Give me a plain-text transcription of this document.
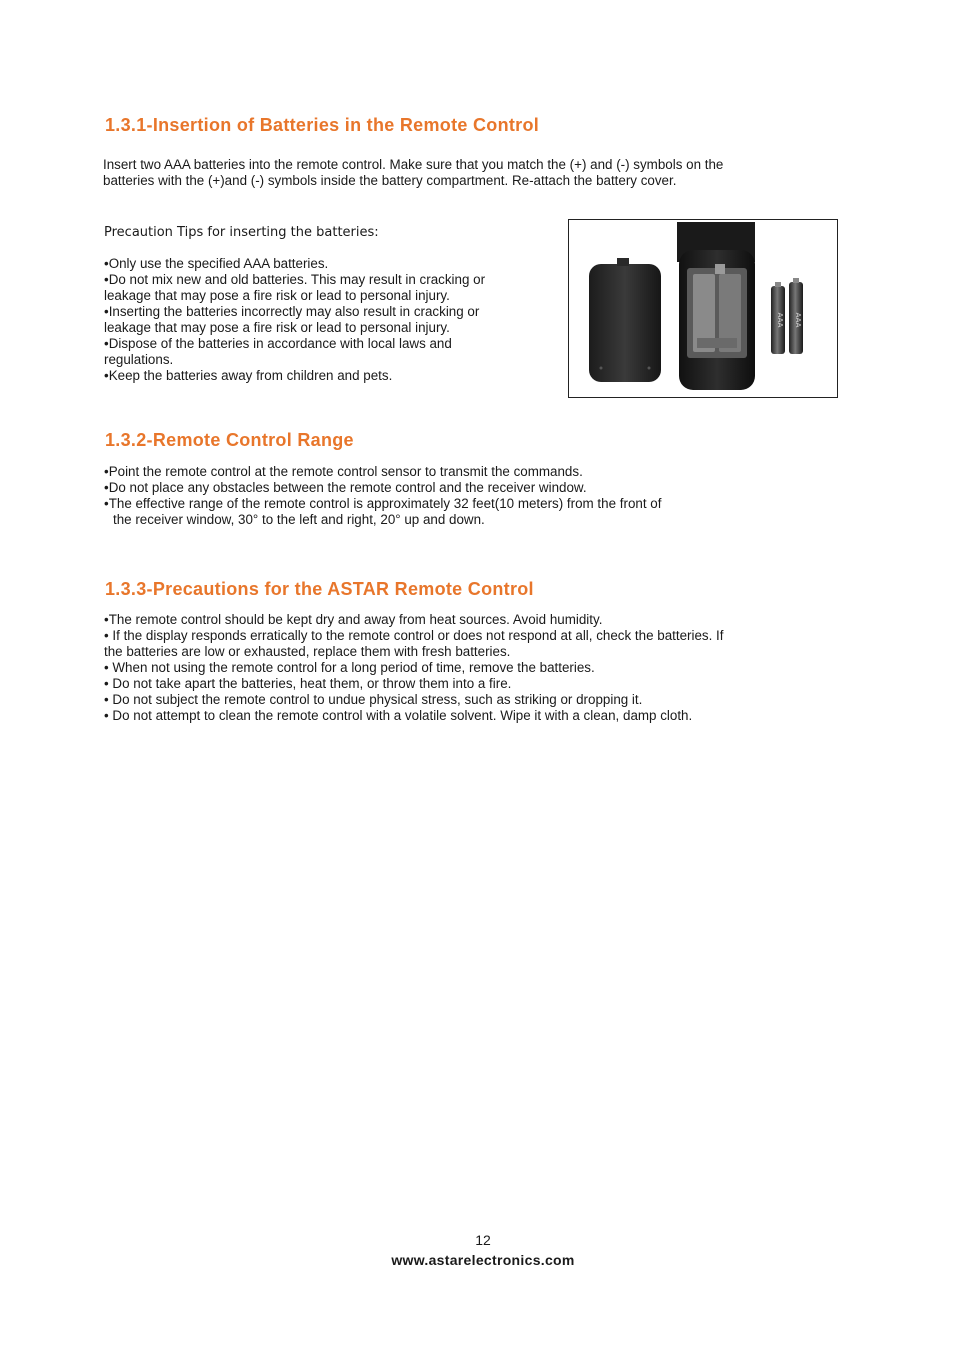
1.3.1-Insertion of Batteries in the Remote Control

Insert two AAA batteries into the remote control. Make sure that you match the (+) and (-) symbols on the
batteries with the (+)and (-) symbols inside the battery compartment. Re-attach the battery cover.

Precaution Tips for inserting the batteries:

•Only use the specified AAA batteries.
•Do not mix new and old batteries. This may result in cracking or
leakage that may pose a fire risk or lead to personal injury.
•Inserting the batteries incorrectly may also result in cracking or
leakage that may pose a fire risk or lead to personal injury.
•Dispose of the batteries in accordance with local laws and
regulations.
•Keep the batteries away from children and pets.

AAA AAA
1.3.2-Remote Control Range

•Point the remote control at the remote control sensor to transmit the commands.
•Do not place any obstacles between the remote control and the receiver window.
•The effective range of the remote control is approximately 32 feet(10 meters) from the front of
the receiver window, 30° to the left and right, 20° up and down.

1.3.3-Precautions for the ASTAR Remote Control

•The remote control should be kept dry and away from heat sources. Avoid humidity.
• If the display responds erratically to the remote control or does not respond at all, check the batteries. If
the batteries are low or exhausted, replace them with fresh batteries.
• When not using the remote control for a long period of time, remove the batteries.
• Do not take apart the batteries, heat them, or throw them into a fire.
• Do not subject the remote control to undue physical stress, such as striking or dropping it.
• Do not attempt to clean the remote control with a volatile solvent. Wipe it with a clean, damp cloth.

12
www.astarelectronics.com
